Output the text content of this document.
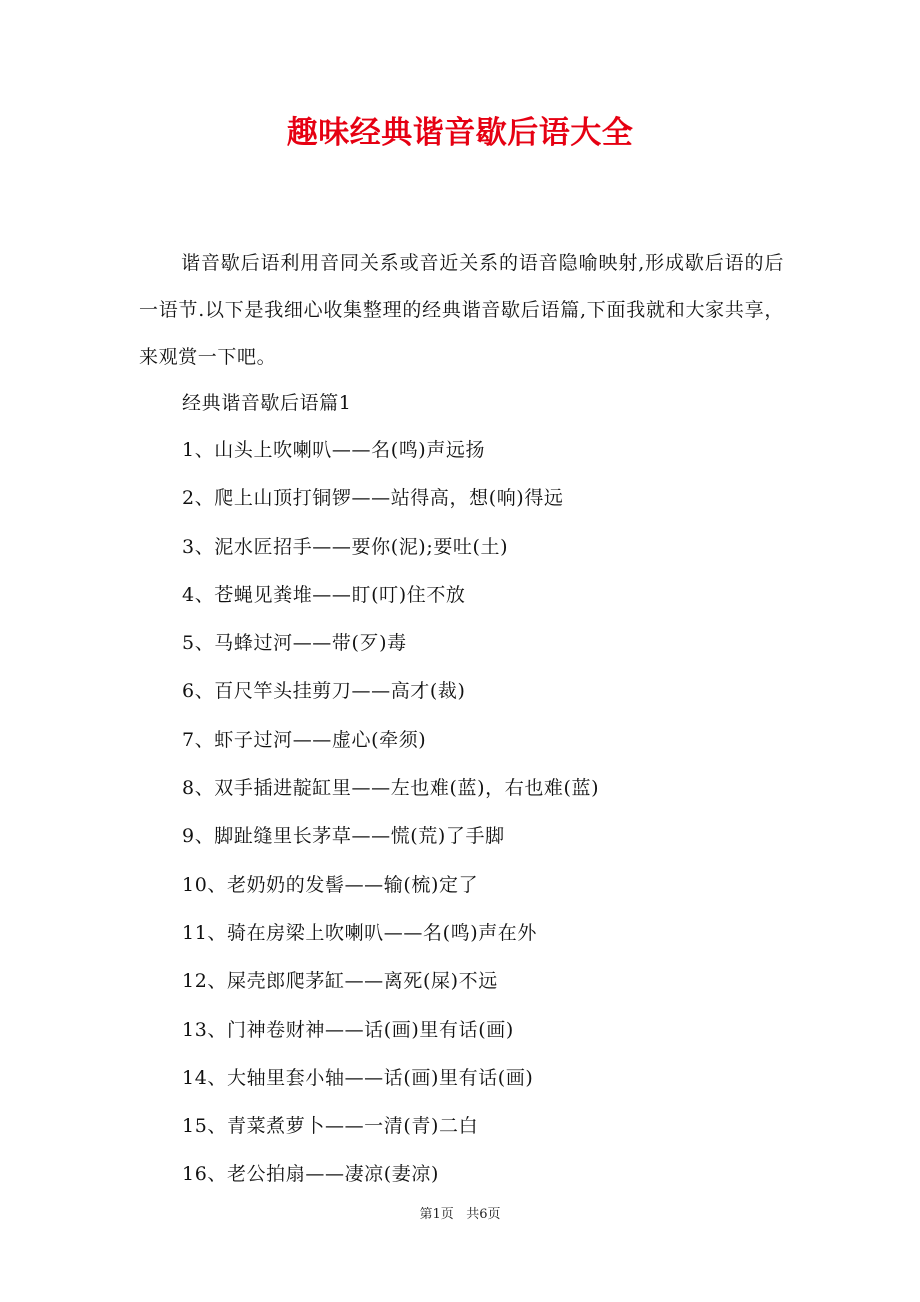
趣味经典谐音歇后语大全
谐音歇后语利用音同关系或音近关系的语音隐喻映射,形成歇后语的后一语节.以下是我细心收集整理的经典谐音歇后语篇,下面我就和大家共享，来观赏一下吧。
经典谐音歇后语篇1
1、山头上吹喇叭——名(鸣)声远扬
2、爬上山顶打铜锣——站得高，想(响)得远
3、泥水匠招手——要你(泥);要吐(土)
4、苍蝇见粪堆——盯(叮)住不放
5、马蜂过河——带(歹)毒
6、百尺竿头挂剪刀——高才(裁)
7、虾子过河——虚心(牵须)
8、双手插进靛缸里——左也难(蓝)，右也难(蓝)
9、脚趾缝里长茅草——慌(荒)了手脚
10、老奶奶的发髻——输(梳)定了
11、骑在房梁上吹喇叭——名(鸣)声在外
12、屎壳郎爬茅缸——离死(屎)不远
13、门神卷财神——话(画)里有话(画)
14、大轴里套小轴——话(画)里有话(画)
15、青菜煮萝卜——一清(青)二白
16、老公拍扇——凄凉(妻凉)
第1页 共6页
